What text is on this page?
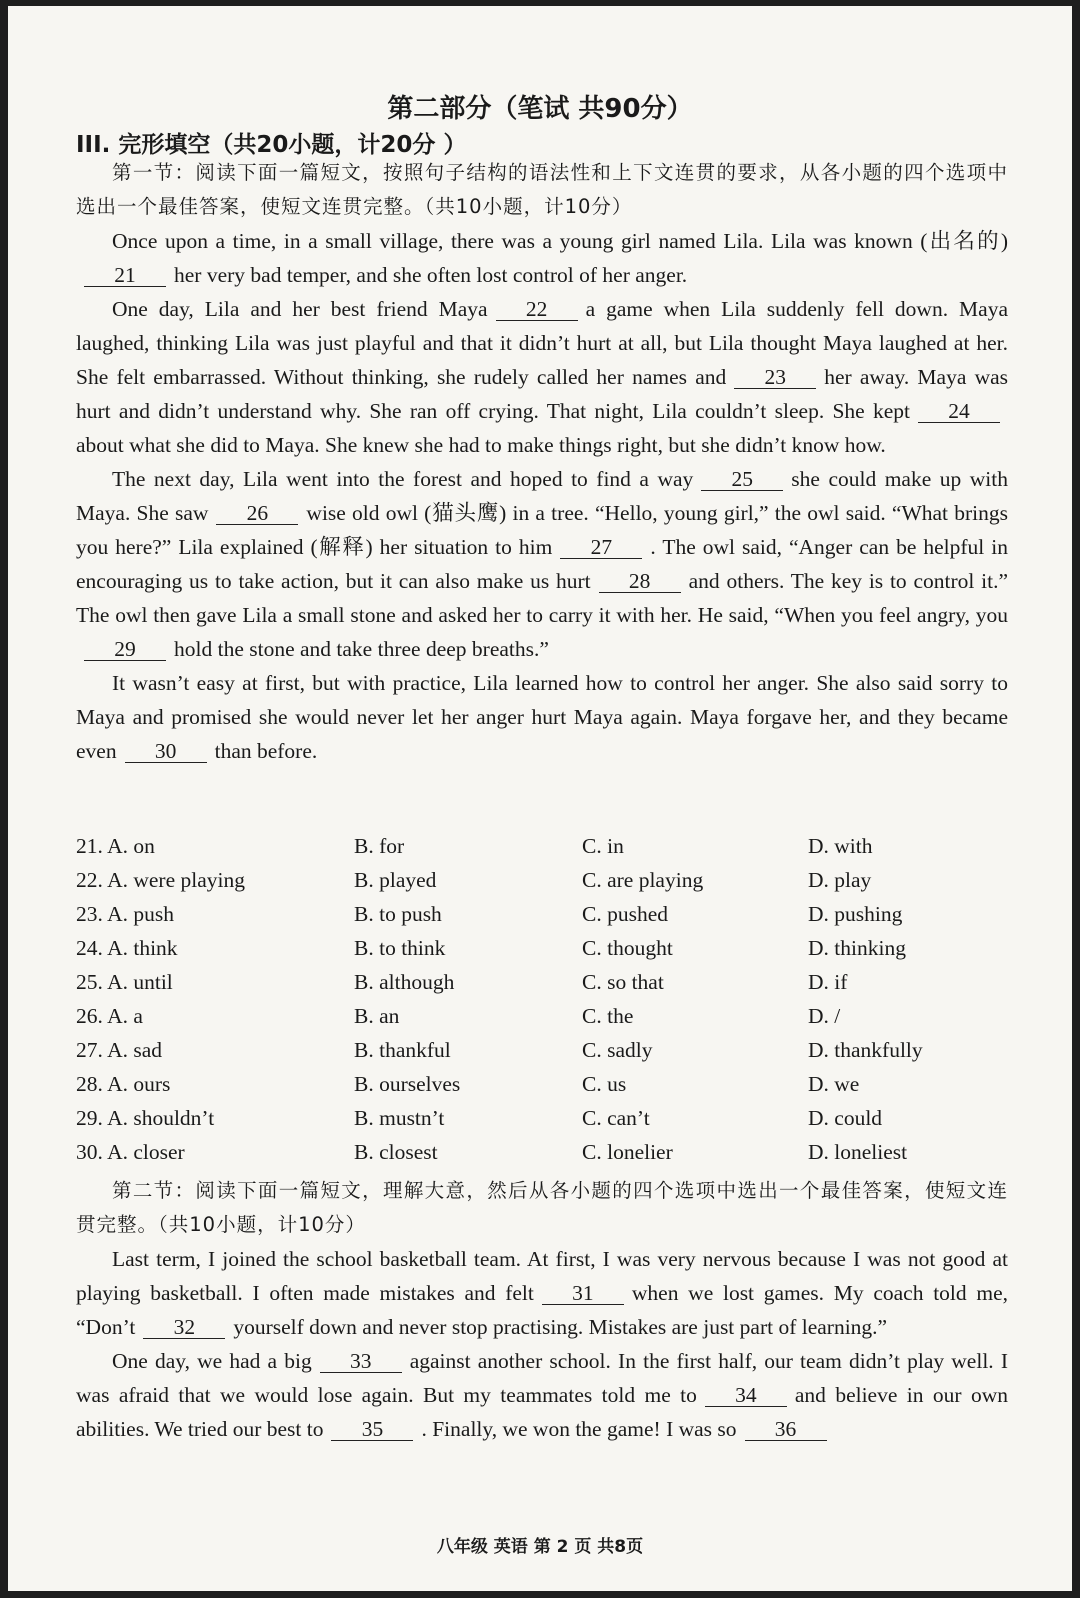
第二部分（笔试 共90分）
III. 完形填空（共20小题，计20分 ）

第一节：阅读下面一篇短文，按照句子结构的语法性和上下文连贯的要求，从各小题的四个选项中选出一个最佳答案，使短文连贯完整。（共10小题，计10分）

Once upon a time, in a small village, there was a young girl named Lila. Lila was known (出名的)21 her very bad temper, and she often lost control of her anger.

One day, Lila and her best friend Maya 22 a game when Lila suddenly fell down. Maya laughed, thinking Lila was just playful and that it didn’t hurt at all, but Lila thought Maya laughed at her. She felt embarrassed. Without thinking, she rudely called her names and 23 her away. Maya was hurt and didn’t understand why. She ran off crying. That night, Lila couldn’t sleep. She kept 24about what she did to Maya. She knew she had to make things right, but she didn’t know how.

The next day, Lila went into the forest and hoped to find a way 25 she could make up with Maya. She saw 26 wise old owl (猫头鹰) in a tree. “Hello, young girl,” the owl said. “What brings you here?” Lila explained (解释) her situation to him 27 . The owl said, “Anger can be helpful in encouraging us to take action, but it can also make us hurt 28 and others. The key is to control it.” The owl then gave Lila a small stone and asked her to carry it with her. He said, “When you feel angry, you29 hold the stone and take three deep breaths.”

It wasn’t easy at first, but with practice, Lila learned how to control her anger. She also said sorry to Maya and promised she would never let her anger hurt Maya again. Maya forgave her, and they became even 30 than before.

21. A. on	B. for	C. in	D. with
22. A. were playing	B. played	C. are playing	D. play
23. A. push	B. to push	C. pushed	D. pushing
24. A. think	B. to think	C. thought	D. thinking
25. A. until	B. although	C. so that	D. if
26. A. a	B. an	C. the	D. /
27. A. sad	B. thankful	C. sadly	D. thankfully
28. A. ours	B. ourselves	C. us	D. we
29. A. shouldn’t	B. mustn’t	C. can’t	D. could
30. A. closer	B. closest	C. lonelier	D. loneliest

第二节：阅读下面一篇短文，理解大意，然后从各小题的四个选项中选出一个最佳答案，使短文连贯完整。（共10小题，计10分）

Last term, I joined the school basketball team. At first, I was very nervous because I was not good at playing basketball. I often made mistakes and felt 31 when we lost games. My coach told me, “Don’t 32 yourself down and never stop practising. Mistakes are just part of learning.”

One day, we had a big 33 against another school. In the first half, our team didn’t play well. I was afraid that we would lose again. But my teammates told me to 34 and believe in our own abilities. We tried our best to 35 . Finally, we won the game! I was so 36

八年级 英语 第 2 页 共8页
